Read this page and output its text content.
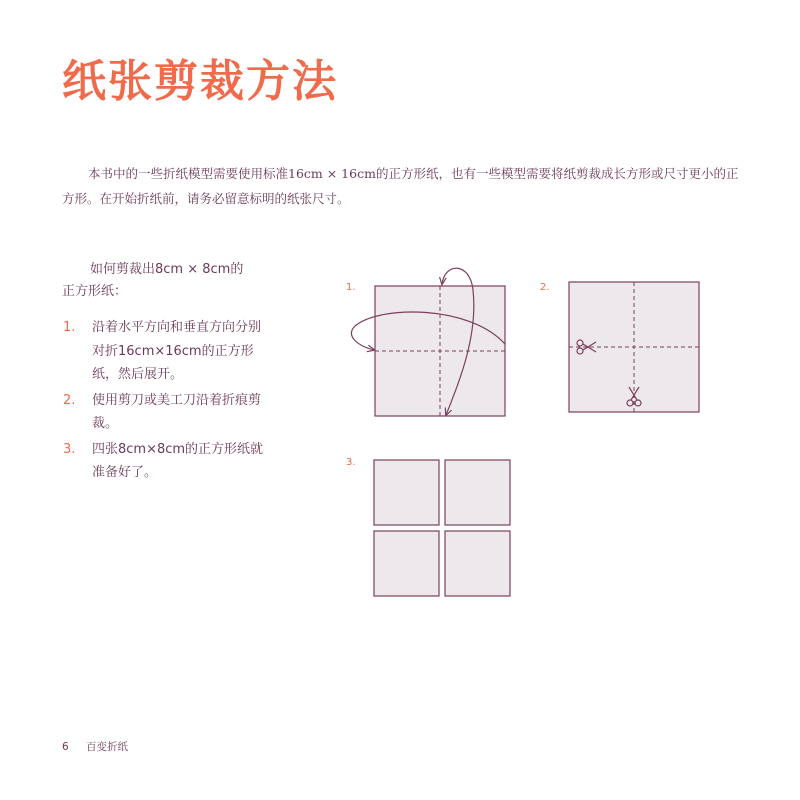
纸张剪裁方法

本书中的一些折纸模型需要使用标准16cm × 16cm的正方形纸，也有一些模型需要将纸剪裁成长方形或尺寸更小的正方形。在开始折纸前，请务必留意标明的纸张尺寸。

如何剪裁出8cm × 8cm的
正方形纸：
1. 沿着水平方向和垂直方向分别对折16cm×16cm的正方形纸，然后展开。
2. 使用剪刀或美工刀沿着折痕剪裁。
3. 四张8cm×8cm的正方形纸就准备好了。
1.	2.
3.
6 百变折纸
